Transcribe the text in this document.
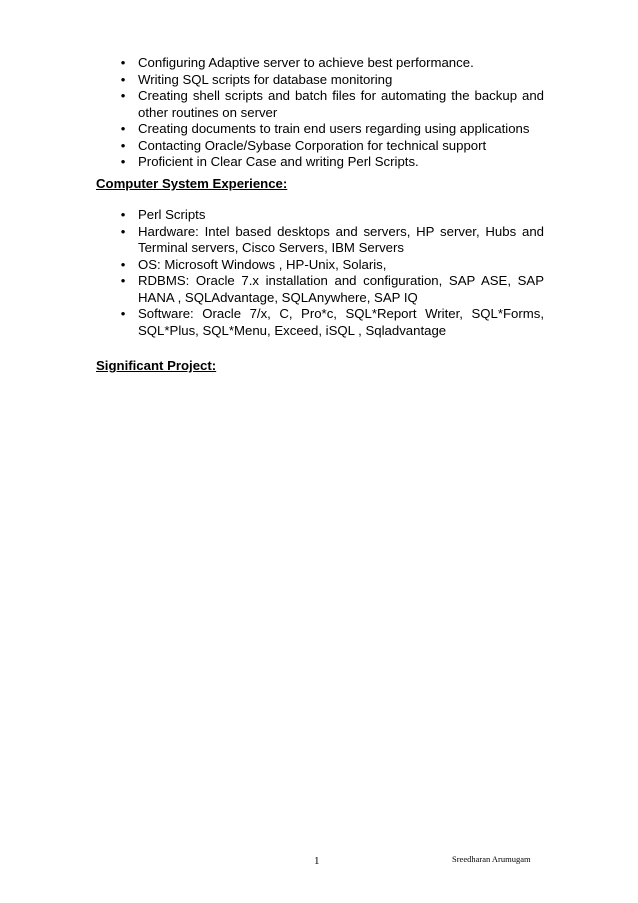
• Configuring Adaptive server to achieve best performance.
• Writing SQL scripts for database monitoring
• Creating shell scripts and batch files for automating the backup and other routines on server
• Creating documents to train end users regarding using applications
• Contacting Oracle/Sybase Corporation for technical support
• Proficient in Clear Case and writing Perl Scripts.
Computer System Experience:
• Perl Scripts
• Hardware: Intel based desktops and servers, HP server, Hubs and Terminal servers, Cisco Servers, IBM Servers
• OS: Microsoft Windows , HP-Unix, Solaris,
• RDBMS: Oracle 7.x installation and configuration, SAP ASE, SAP HANA , SQLAdvantage, SQLAnywhere, SAP IQ
• Software: Oracle 7/x, C, Pro*c, SQL*Report Writer, SQL*Forms, SQL*Plus, SQL*Menu, Exceed, iSQL , Sqladvantage
Significant Project:
1	Sreedharan Arumugam
